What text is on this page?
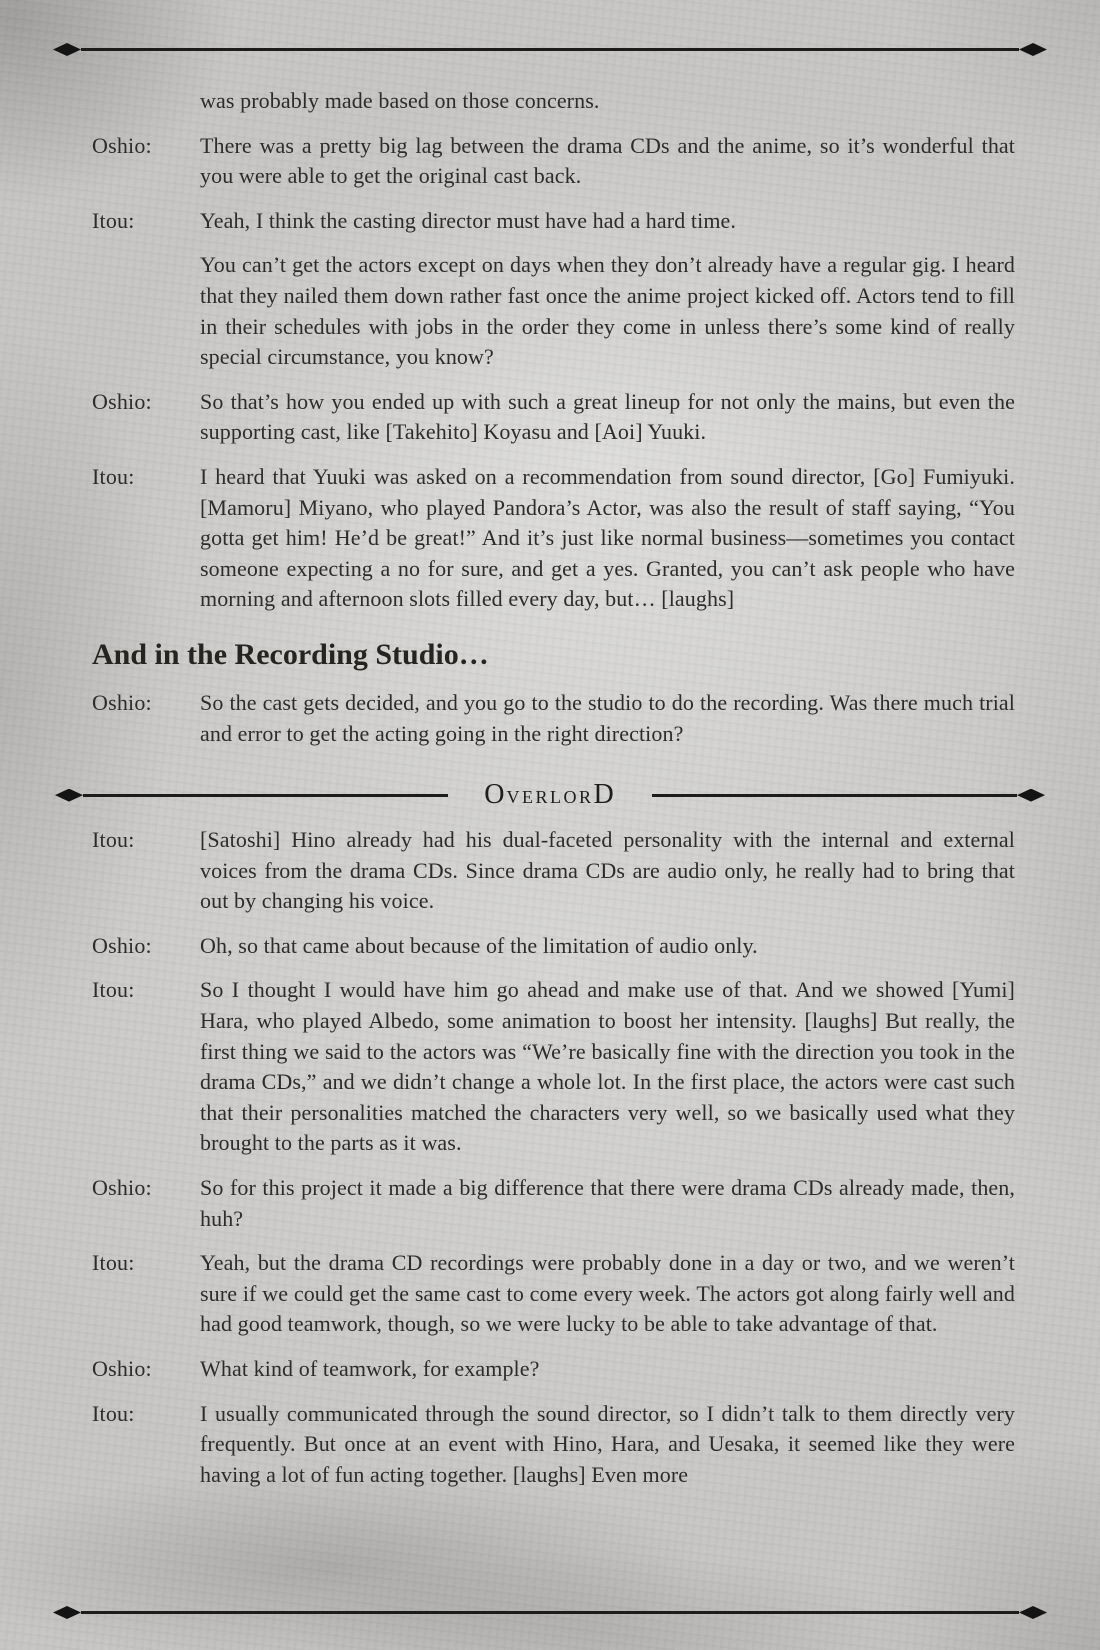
was probably made based on those concerns.

Oshio:	There was a pretty big lag between the drama CDs and the anime, so it’s wonderful that you were able to get the original cast back.

Itou:	Yeah, I think the casting director must have had a hard time.

You can’t get the actors except on days when they don’t already have a regular gig. I heard that they nailed them down rather fast once the anime project kicked off. Actors tend to fill in their schedules with jobs in the order they come in unless there’s some kind of really special circumstance, you know?

Oshio:	So that’s how you ended up with such a great lineup for not only the mains, but even the supporting cast, like [Takehito] Koyasu and [Aoi] Yuuki.

Itou:	I heard that Yuuki was asked on a recommendation from sound director, [Go] Fumiyuki. [Mamoru] Miyano, who played Pandora’s Actor, was also the result of staff saying, “You gotta get him! He’d be great!” And it’s just like normal business—sometimes you contact someone expecting a no for sure, and get a yes. Granted, you can’t ask people who have morning and afternoon slots filled every day, but… [laughs]

And in the Recording Studio…
Oshio:	So the cast gets decided, and you go to the studio to do the recording. Was there much trial and error to get the acting going in the right direction?

O verlor D
Itou:	[Satoshi] Hino already had his dual-faceted personality with the internal and external voices from the drama CDs. Since drama CDs are audio only, he really had to bring that out by changing his voice.

Oshio:	Oh, so that came about because of the limitation of audio only.

Itou:	So I thought I would have him go ahead and make use of that. And we showed [Yumi] Hara, who played Albedo, some animation to boost her intensity. [laughs] But really, the first thing we said to the actors was “We’re basically fine with the direction you took in the drama CDs,” and we didn’t change a whole lot. In the first place, the actors were cast such that their personalities matched the characters very well, so we basically used what they brought to the parts as it was.

Oshio:	So for this project it made a big difference that there were drama CDs already made, then, huh?

Itou:	Yeah, but the drama CD recordings were probably done in a day or two, and we weren’t sure if we could get the same cast to come every week. The actors got along fairly well and had good teamwork, though, so we were lucky to be able to take advantage of that.

Oshio:	What kind of teamwork, for example?

Itou:	I usually communicated through the sound director, so I didn’t talk to them directly very frequently. But once at an event with Hino, Hara, and Uesaka, it seemed like they were having a lot of fun acting together. [laughs] Even more
